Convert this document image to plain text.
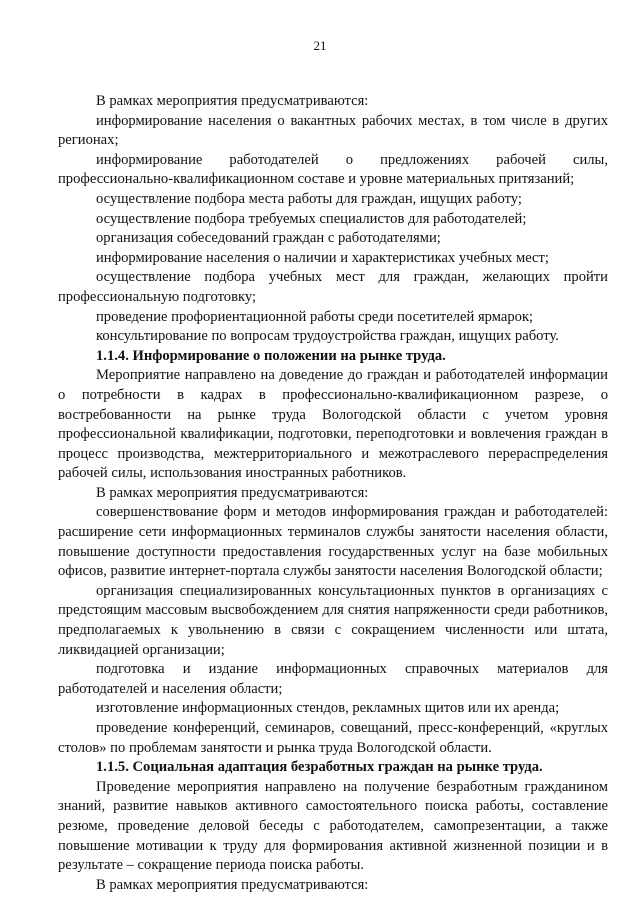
21

В рамках мероприятия предусматриваются:

информирование населения о вакантных рабочих местах, в том числе в других регионах;

информирование работодателей о предложениях рабочей силы, профессионально-квалификационном составе и уровне материальных притязаний;

осуществление подбора места работы для граждан, ищущих работу;

осуществление подбора требуемых специалистов для работодателей;

организация собеседований граждан с работодателями;

информирование населения о наличии и характеристиках учебных мест;

осуществление подбора учебных мест для граждан, желающих пройти профессиональную подготовку;

проведение профориентационной работы среди посетителей ярмарок;

консультирование по вопросам трудоустройства граждан, ищущих работу.

1.1.4. Информирование о положении на рынке труда.

Мероприятие направлено на доведение до граждан и работодателей информации о потребности в кадрах в профессионально-квалификационном разрезе, о востребованности на рынке труда Вологодской области с учетом уровня профессиональной квалификации, подготовки, переподготовки и вовлечения граждан в процесс производства, межтерриториального и межотраслевого перераспределения рабочей силы, использования иностранных работников.

В рамках мероприятия предусматриваются:

совершенствование форм и методов информирования граждан и работодателей: расширение сети информационных терминалов службы занятости населения области, повышение доступности предоставления государственных услуг на базе мобильных офисов, развитие интернет-портала службы занятости населения Вологодской области;

организация специализированных консультационных пунктов в организациях с предстоящим массовым высвобождением для снятия напряженности среди работников, предполагаемых к увольнению в связи с сокращением численности или штата, ликвидацией организации;

подготовка и издание информационных справочных материалов для работодателей и населения области;

изготовление информационных стендов, рекламных щитов или их аренда;

проведение конференций, семинаров, совещаний, пресс-конференций, «круглых столов» по проблемам занятости и рынка труда Вологодской области.

1.1.5. Социальная адаптация безработных граждан на рынке труда.

Проведение мероприятия направлено на получение безработным гражданином знаний, развитие навыков активного самостоятельного поиска работы, составление резюме, проведение деловой беседы с работодателем, самопрезентации, а также повышение мотивации к труду для формирования активной жизненной позиции и в результате – сокращение периода поиска работы.

В рамках мероприятия предусматриваются:
